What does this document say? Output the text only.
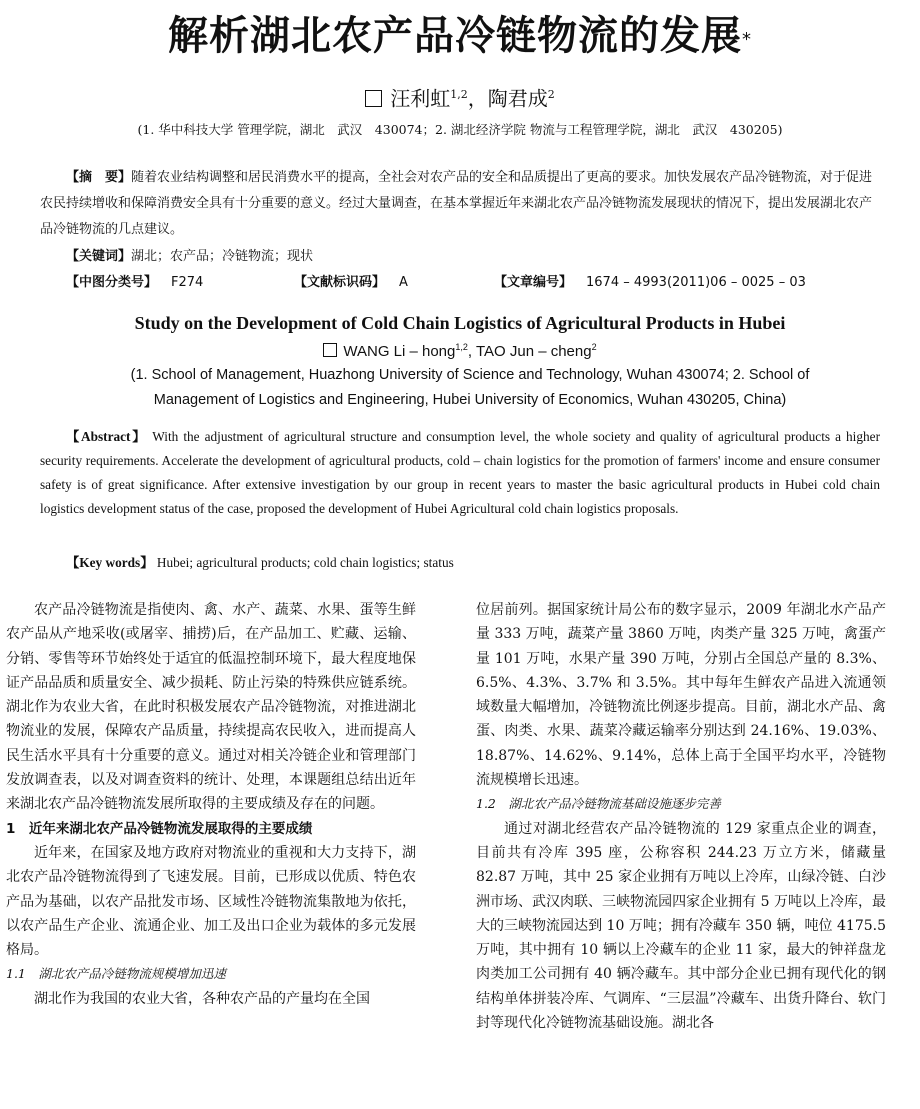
解析湖北农产品冷链物流的发展*
汪利虹$^{1,2}$，陶君成$^2$
(1. 华中科技大学 管理学院，湖北　武汉　430074；2. 湖北经济学院 物流与工程管理学院，湖北　武汉　430205)
【摘　要】随着农业结构调整和居民消费水平的提高，全社会对农产品的安全和品质提出了更高的要求。加快发展农产品冷链物流，对于促进农民持续增收和保障消费安全具有十分重要的意义。经过大量调查，在基本掌握近年来湖北农产品冷链物流发展现状的情况下，提出发展湖北农产品冷链物流的几点建议。
【关键词】湖北；农产品；冷链物流；现状
【中图分类号】 F274	【文献标识码】 A	【文章编号】 1674 – 4993(2011)06 – 0025 – 03
Study on the Development of Cold Chain Logistics of Agricultural Products in Hubei
WANG Li – hong$^{1,2}$, TAO Jun – cheng$^2$
(1. School of Management, Huazhong University of Science and Technology, Wuhan 430074; 2. School of Management of Logistics and Engineering, Hubei University of Economics, Wuhan 430205, China)
【Abstract】 With the adjustment of agricultural structure and consumption level, the whole society and quality of agricultural products a higher security requirements. Accelerate the development of agricultural products, cold – chain logistics for the promotion of farmers' income and ensure consumer safety is of great significance. After extensive investigation by our group in recent years to master the basic agricultural products in Hubei cold chain logistics development status of the case, proposed the development of Hubei Agricultural cold chain logistics proposals.
【Key words】 Hubei; agricultural products; cold chain logistics; status

农产品冷链物流是指使肉、禽、水产、蔬菜、水果、蛋等生鲜农产品从产地采收(或屠宰、捕捞)后，在产品加工、贮藏、运输、分销、零售等环节始终处于适宜的低温控制环境下，最大程度地保证产品品质和质量安全、减少损耗、防止污染的特殊供应链系统。湖北作为农业大省，在此时积极发展农产品冷链物流，对推进湖北物流业的发展，保障农产品质量，持续提高农民收入，进而提高人民生活水平具有十分重要的意义。通过对相关冷链企业和管理部门发放调查表，以及对调查资料的统计、处理，本课题组总结出近年来湖北农产品冷链物流发展所取得的主要成绩及存在的问题。

1　近年来湖北农产品冷链物流发展取得的主要成绩

近年来，在国家及地方政府对物流业的重视和大力支持下，湖北农产品冷链物流得到了飞速发展。目前，已形成以优质、特色农产品为基础，以农产品批发市场、区域性冷链物流集散地为依托，以农产品生产企业、流通企业、加工及出口企业为载体的多元发展格局。

1.1　湖北农产品冷链物流规模增加迅速

湖北作为我国的农业大省，各种农产品的产量均在全国

位居前列。据国家统计局公布的数字显示，2009 年湖北水产品产量 333 万吨，蔬菜产量 3860 万吨，肉类产量 325 万吨，禽蛋产量 101 万吨，水果产量 390 万吨，分别占全国总产量的 8.3%、6.5%、4.3%、3.7% 和 3.5%。其中每年生鲜农产品进入流通领域数量大幅增加，冷链物流比例逐步提高。目前，湖北水产品、禽蛋、肉类、水果、蔬菜冷藏运输率分别达到 24.16%、19.03%、18.87%、14.62%、9.14%，总体上高于全国平均水平，冷链物流规模增长迅速。

1.2　湖北农产品冷链物流基础设施逐步完善

通过对湖北经营农产品冷链物流的 129 家重点企业的调查，目前共有冷库 395 座，公称容积 244.23 万立方米，储藏量 82.87 万吨，其中 25 家企业拥有万吨以上冷库，山绿冷链、白沙洲市场、武汉肉联、三峡物流园四家企业拥有 5 万吨以上冷库，最大的三峡物流园达到 10 万吨；拥有冷藏车 350 辆，吨位 4175.5 万吨，其中拥有 10 辆以上冷藏车的企业 11 家，最大的钟祥盘龙肉类加工公司拥有 40 辆冷藏车。其中部分企业已拥有现代化的钢结构单体拼装冷库、气调库、“三层温”冷藏车、出货升降台、软门封等现代化冷链物流基础设施。湖北各
